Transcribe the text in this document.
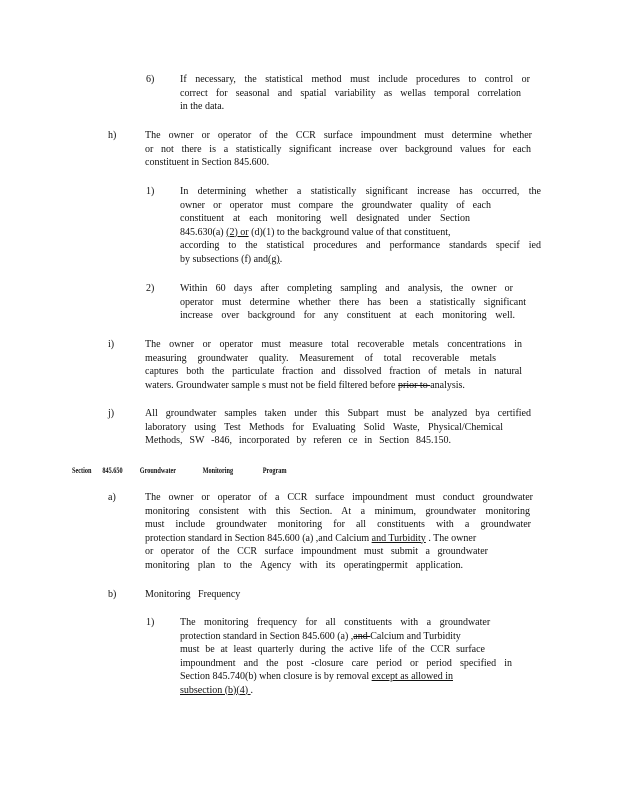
6)	If necessary, the statistical method must include procedures to control or
correct for seasonal and spatial variability as wellas temporal correlation
in the data.
h)	The owner or operator of the CCR surface impoundment must determine whether
or not there is a statistically significant increase over background values for each
constituent in Section 845.600.
1)	In determining whether a statistically significant increase has occurred, the
owner or operator must compare the groundwater quality of each
constituent at each monitoring well designated under Section
845.630(a) (2) or (d)(1) to the background value of that constituent,
according to the statistical procedures and performance standards specif ied
by subsections (f) and(g).
2)	Within 60 days after completing sampling and analysis, the owner or
operator must determine whether there has been a statistically significant
increase over background for any constituent at each monitoring well.
i)	The owner or operator must measure total recoverable metals concentrations in
measuring groundwater quality. Measurement of total recoverable metals
captures both the particulate fraction and dissolved fraction of metals in natural
waters. Groundwater sample s must not be field filtered before prior to analysis.
j)	All groundwater samples taken under this Subpart must be analyzed bya certified
laboratory using Test Methods for Evaluating Solid Waste, Physical/Chemical
Methods, SW -846, incorporated by referen ce in Section 845.150.
Section 845.650 Groundwater	Monitoring	Program
a)	The owner or operator of a CCR surface impoundment must conduct groundwater
monitoring consistent with this Section. At a minimum, groundwater monitoring
must include groundwater monitoring for all constituents with a groundwater
protection standard in Section 845.600 (a) ,and Calcium and Turbidity . The owner
or operator of the CCR surface impoundment must submit a groundwater
monitoring plan to the Agency with its operatingpermit application.
b)	Monitoring Frequency
1)	The monitoring frequency for all constituents with a groundwater
protection standard in Section 845.600 (a) ,and Calcium and Turbidity
must be at least quarterly during the active life of the CCR surface
impoundment and the post -closure care period or period specified in
Section 845.740(b) when closure is by removal except as allowed in
subsection (b)(4) .
